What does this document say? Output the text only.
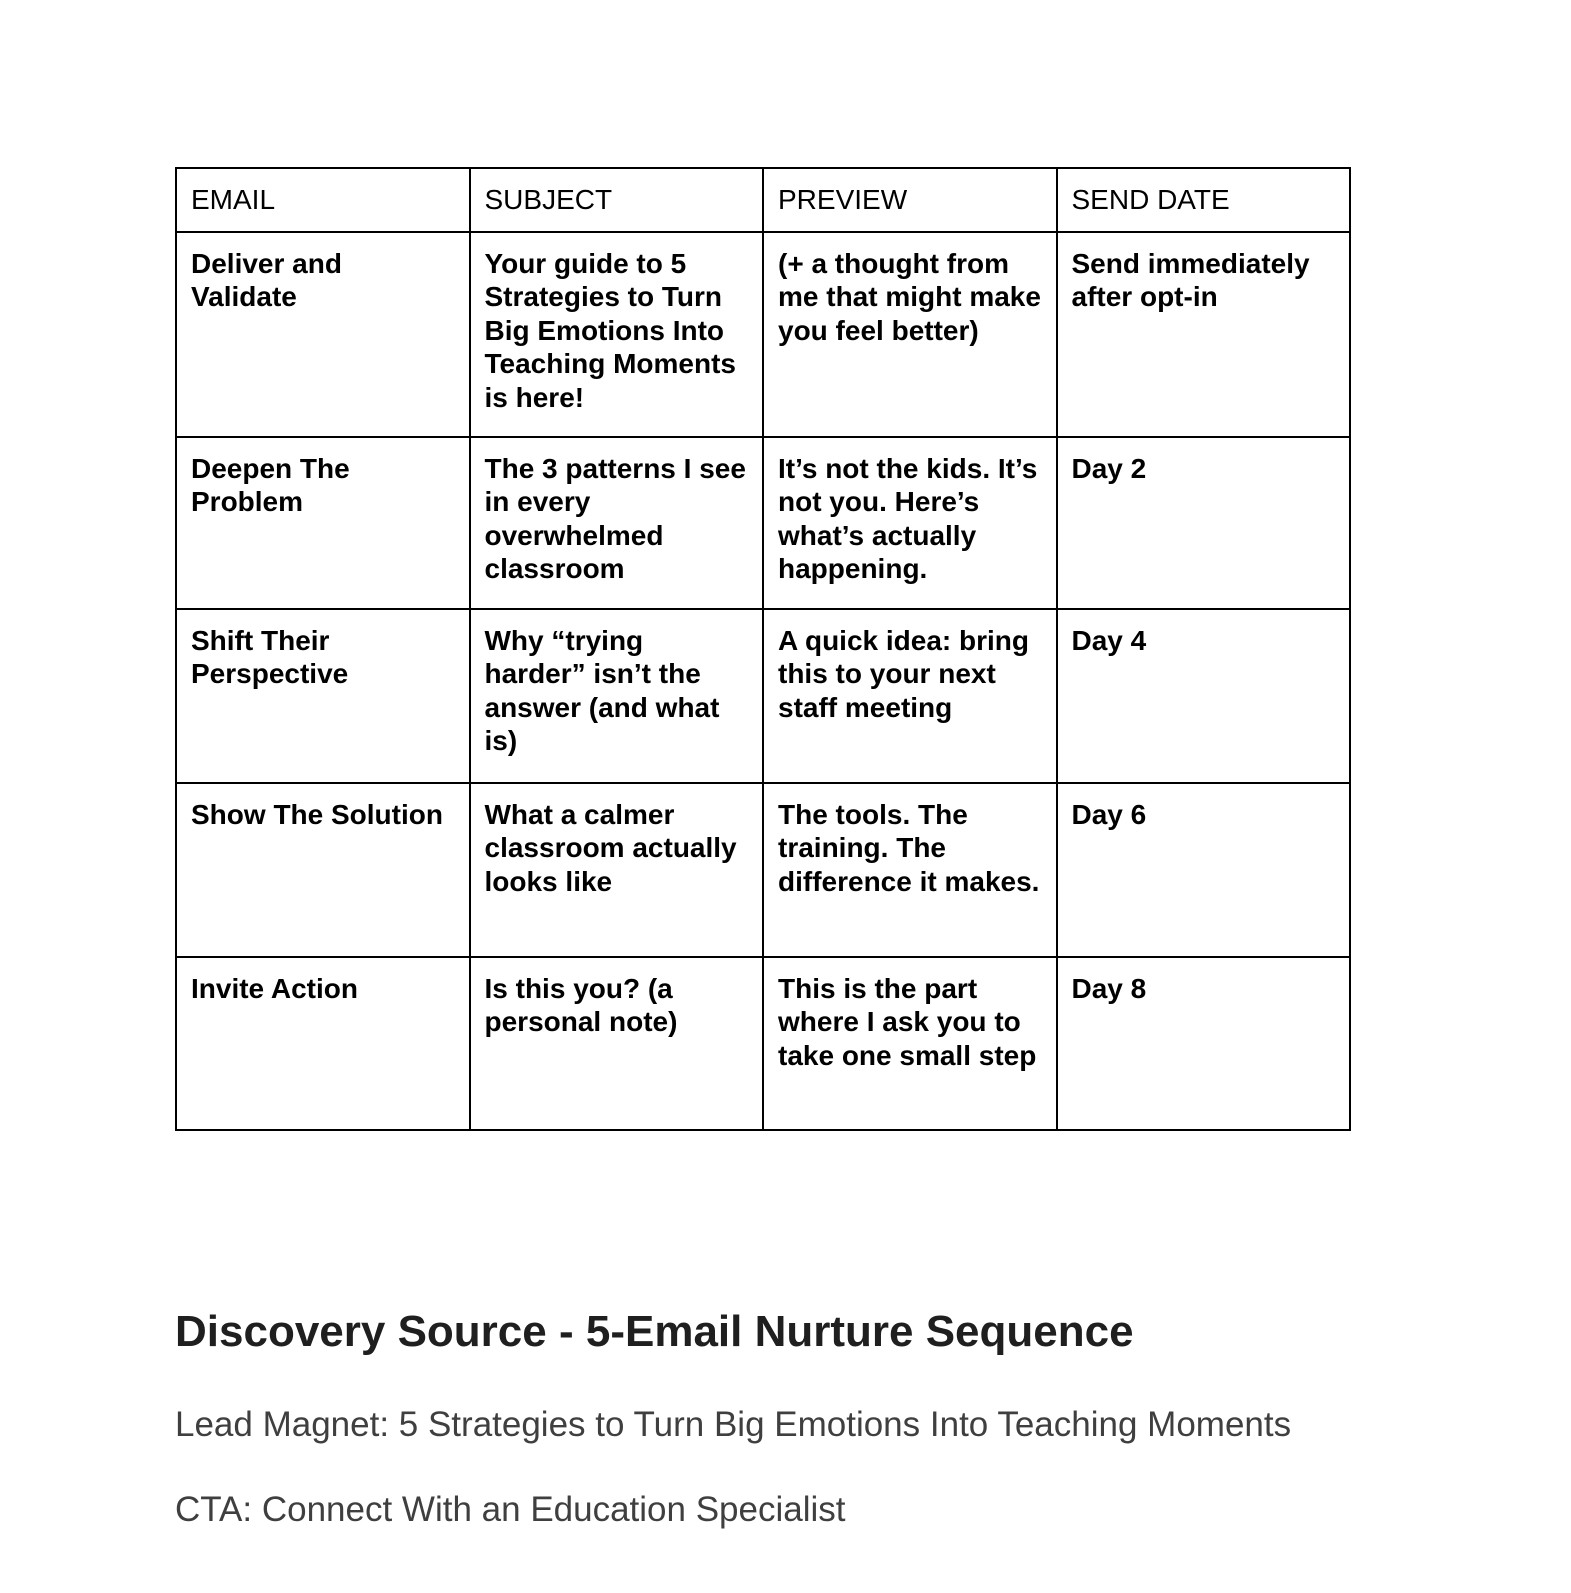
EMAIL	SUBJECT	PREVIEW	SEND DATE
Deliver and Validate	Your guide to 5 Strategies to Turn Big Emotions Into Teaching Moments is here!	(+ a thought from me that might make you feel better)	Send immediately after opt-in
Deepen The Problem	The 3 patterns I see in every overwhelmed classroom	It’s not the kids. It’s not you. Here’s what’s actually happening.	Day 2
Shift Their Perspective	Why “trying harder” isn’t the answer (and what is)	A quick idea: bring this to your next staff meeting	Day 4
Show The Solution	What a calmer classroom actually looks like	The tools. The training. The difference it makes.	Day 6
Invite Action	Is this you? (a personal note)	This is the part where I ask you to take one small step	Day 8
Discovery Source - 5-Email Nurture Sequence

Lead Magnet: 5 Strategies to Turn Big Emotions Into Teaching Moments

CTA: Connect With an Education Specialist
